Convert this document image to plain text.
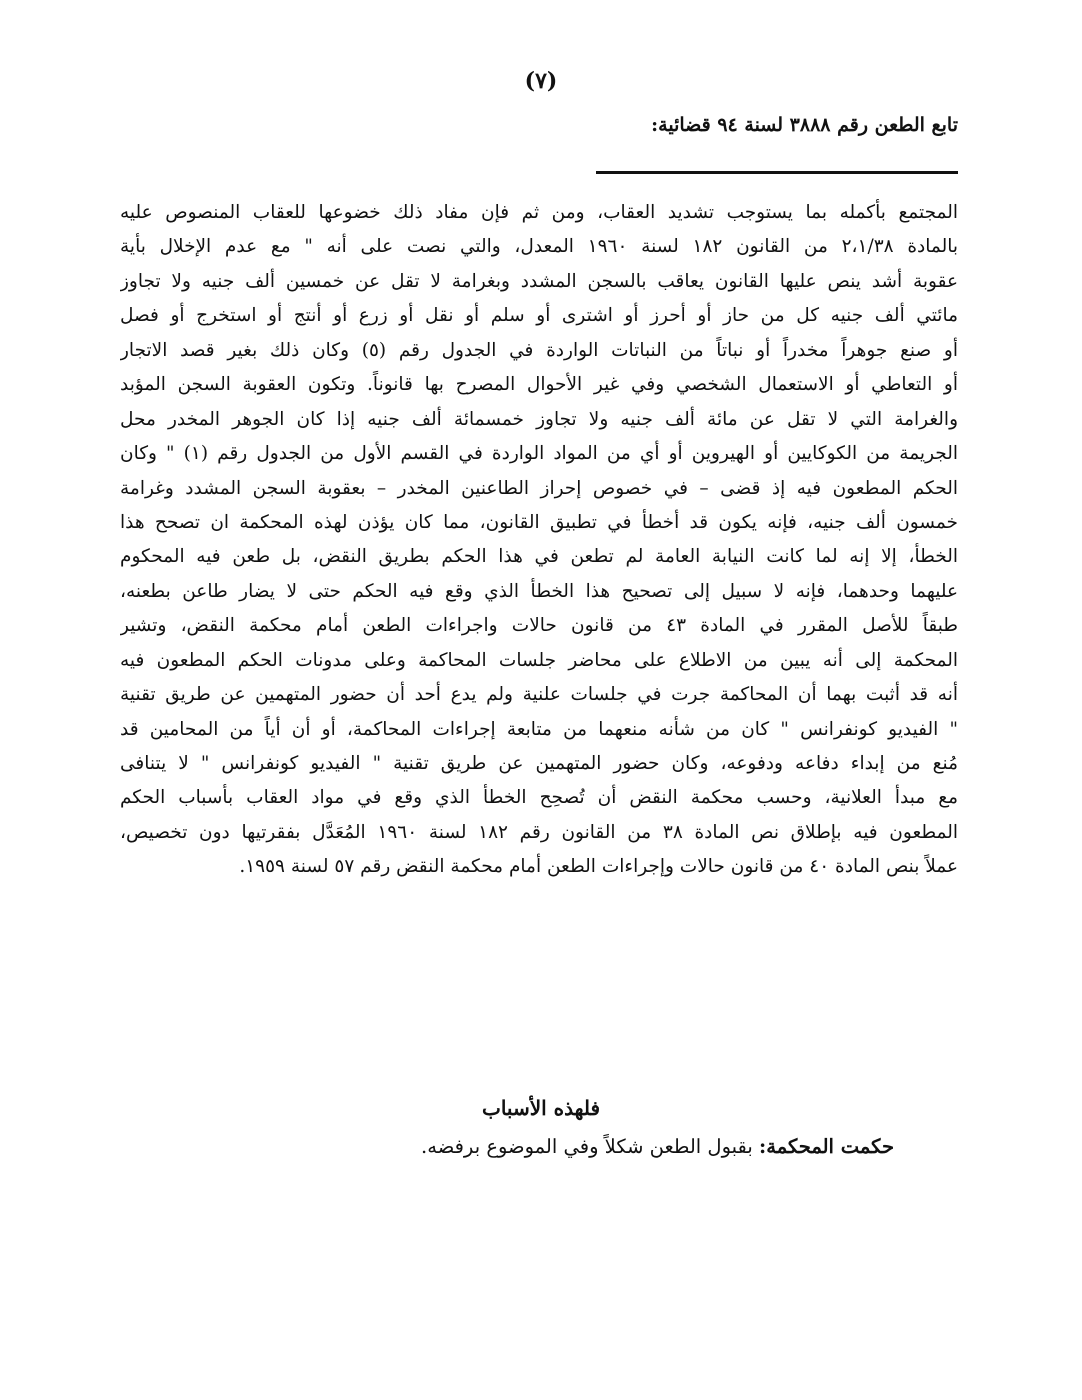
(٧)
تابع الطعن رقم ٣٨٨٨ لسنة ٩٤ قضائية:
المجتمع بأكمله بما يستوجب تشديد العقاب، ومن ثم فإن مفاد ذلك خضوعها للعقاب المنصوص عليه
بالمادة ٢،١/٣٨ من القانون ١٨٢ لسنة ١٩٦٠ المعدل، والتي نصت على أنه " مع عدم الإخلال بأية
عقوبة أشد ينص عليها القانون يعاقب بالسجن المشدد وبغرامة لا تقل عن خمسين ألف جنيه ولا تجاوز
مائتي ألف جنيه كل من حاز أو أحرز أو اشترى أو سلم أو نقل أو زرع أو أنتج أو استخرج أو فصل
أو صنع جوهراً مخدراً أو نباتاً من النباتات الواردة في الجدول رقم (٥) وكان ذلك بغير قصد الاتجار
أو التعاطي أو الاستعمال الشخصي وفي غير الأحوال المصرح بها قانوناً. وتكون العقوبة السجن المؤبد
والغرامة التي لا تقل عن مائة ألف جنيه ولا تجاوز خمسمائة ألف جنيه إذا كان الجوهر المخدر محل
الجريمة من الكوكايين أو الهيروين أو أي من المواد الواردة في القسم الأول من الجدول رقم (١) " وكان
الحكم المطعون فيه إذ قضى – في خصوص إحراز الطاعنين المخدر – بعقوبة السجن المشدد وغرامة
خمسون ألف جنيه، فإنه يكون قد أخطأ في تطبيق القانون، مما كان يؤذن لهذه المحكمة ان تصحح هذا
الخطأ، إلا إنه لما كانت النيابة العامة لم تطعن في هذا الحكم بطريق النقض، بل طعن فيه المحكوم
عليهما وحدهما، فإنه لا سبيل إلى تصحيح هذا الخطأ الذي وقع فيه الحكم حتى لا يضار طاعن بطعنه،
طبقاً للأصل المقرر في المادة ٤٣ من قانون حالات واجراءات الطعن أمام محكمة النقض، وتشير
المحكمة إلى أنه يبين من الاطلاع على محاضر جلسات المحاكمة وعلى مدونات الحكم المطعون فيه
أنه قد أثبت بهما أن المحاكمة جرت في جلسات علنية ولم يدع أحد أن حضور المتهمين عن طريق تقنية
" الفيديو كونفرانس " كان من شأنه منعهما من متابعة إجراءات المحاكمة، أو أن أياً من المحامين قد
مُنع من إبداء دفاعه ودفوعه، وكان حضور المتهمين عن طريق تقنية " الفيديو كونفرانس " لا يتنافى
مع مبدأ العلانية، وحسب محكمة النقض أن تُصحِح الخطأ الذي وقع في مواد العقاب بأسباب الحكم
المطعون فيه بإطلاق نص المادة ٣٨ من القانون رقم ١٨٢ لسنة ١٩٦٠ المُعَدَّل بفقرتيها دون تخصيص،
عملاً بنص المادة ٤٠ من قانون حالات وإجراءات الطعن أمام محكمة النقض رقم ٥٧ لسنة ١٩٥٩.
فلهذه الأسباب
حكمت المحكمة: بقبول الطعن شكلاً وفي الموضوع برفضه.
